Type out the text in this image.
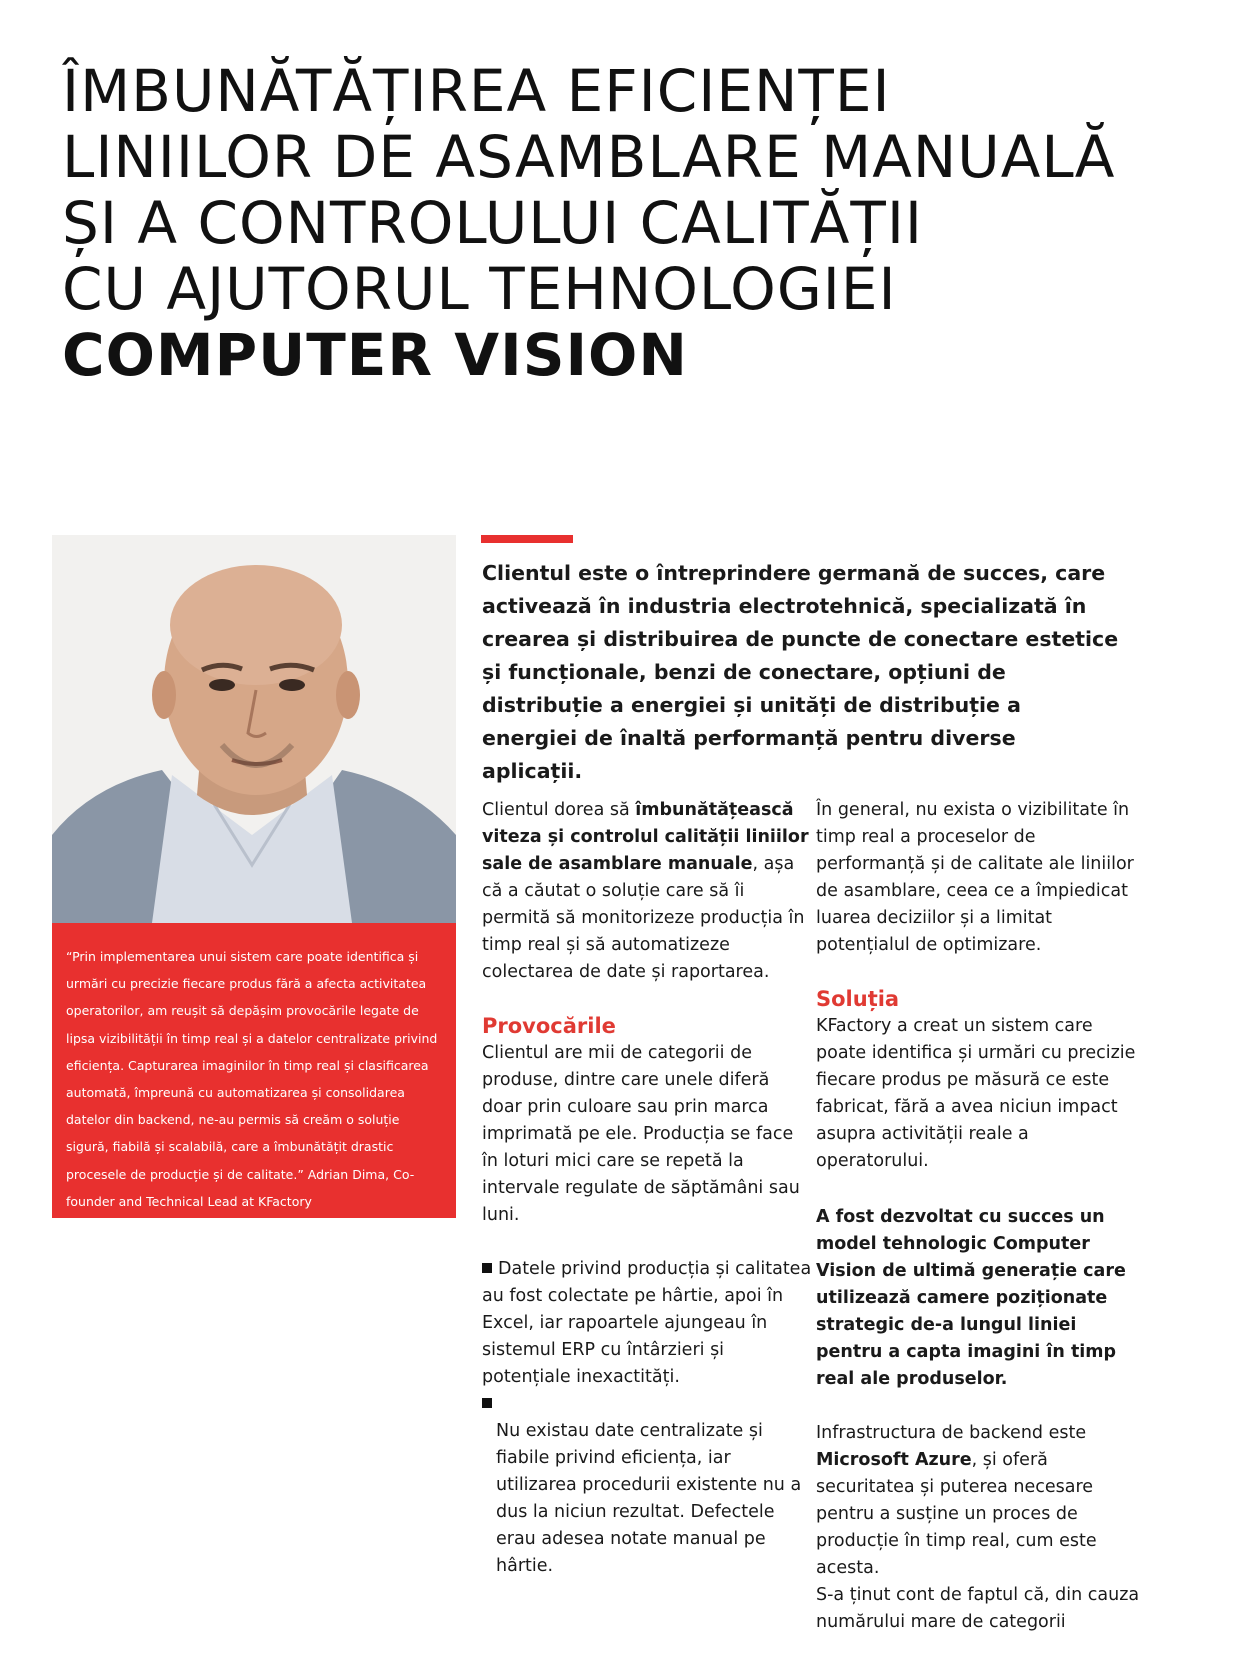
ÎMBUNĂTĂȚIREA EFICIENȚEI
LINIILOR DE ASAMBLARE MANUALĂ
ȘI A CONTROLULUI CALITĂȚII
CU AJUTORUL TEHNOLOGIEI
COMPUTER VISION

“Prin implementarea unui sistem care poate identifica și urmări cu precizie fiecare produs fără a afecta activitatea operatorilor, am reușit să depășim provocările legate de lipsa vizibilității în timp real și a datelor centralizate privind eficiența. Capturarea imaginilor în timp real și clasificarea automată, împreună cu automatizarea și consolidarea datelor din backend, ne-au permis să creăm o soluție sigură, fiabilă și scalabilă, care a îmbunătățit drastic procesele de producție și de calitate.” Adrian Dima, Co-founder and Technical Lead at KFactory

Clientul este o întreprindere germană de succes, care activează în industria electrotehnică, specializată în crearea și distribuirea de puncte de conectare estetice și funcționale, benzi de conectare, opțiuni de distribuție a energiei și unități de distribuție a energiei de înaltă performanță pentru diverse aplicații.

Clientul dorea să îmbunătățească viteza și controlul calității liniilor sale de asamblare manuale, așa că a căutat o soluție care să îi permită să monitorizeze producția în timp real și să automatizeze colectarea de date și raportarea.

Provocările

Clientul are mii de categorii de produse, dintre care unele diferă doar prin culoare sau prin marca imprimată pe ele. Producția se face în loturi mici care se repetă la intervale regulate de săptămâni sau luni.

Datele privind producția și calitatea au fost colectate pe hârtie, apoi în Excel, iar rapoartele ajungeau în sistemul ERP cu întârzieri și potențiale inexactități.

Nu existau date centralizate și fiabile privind eficiența, iar utilizarea procedurii existente nu a dus la niciun rezultat. Defectele erau adesea notate manual pe hârtie.

În general, nu exista o vizibilitate în timp real a proceselor de performanță și de calitate ale liniilor de asamblare, ceea ce a împiedicat luarea deciziilor și a limitat potențialul de optimizare.

Soluția

KFactory a creat un sistem care poate identifica și urmări cu precizie fiecare produs pe măsură ce este fabricat, fără a avea niciun impact asupra activității reale a operatorului.

A fost dezvoltat cu succes un model tehnologic Computer Vision de ultimă generație care utilizează camere poziționate strategic de-a lungul liniei pentru a capta imagini în timp real ale produselor.

Infrastructura de backend este Microsoft Azure, și oferă securitatea și puterea necesare pentru a susține un proces de producție în timp real, cum este acesta.

S-a ținut cont de faptul că, din cauza numărului mare de categorii
